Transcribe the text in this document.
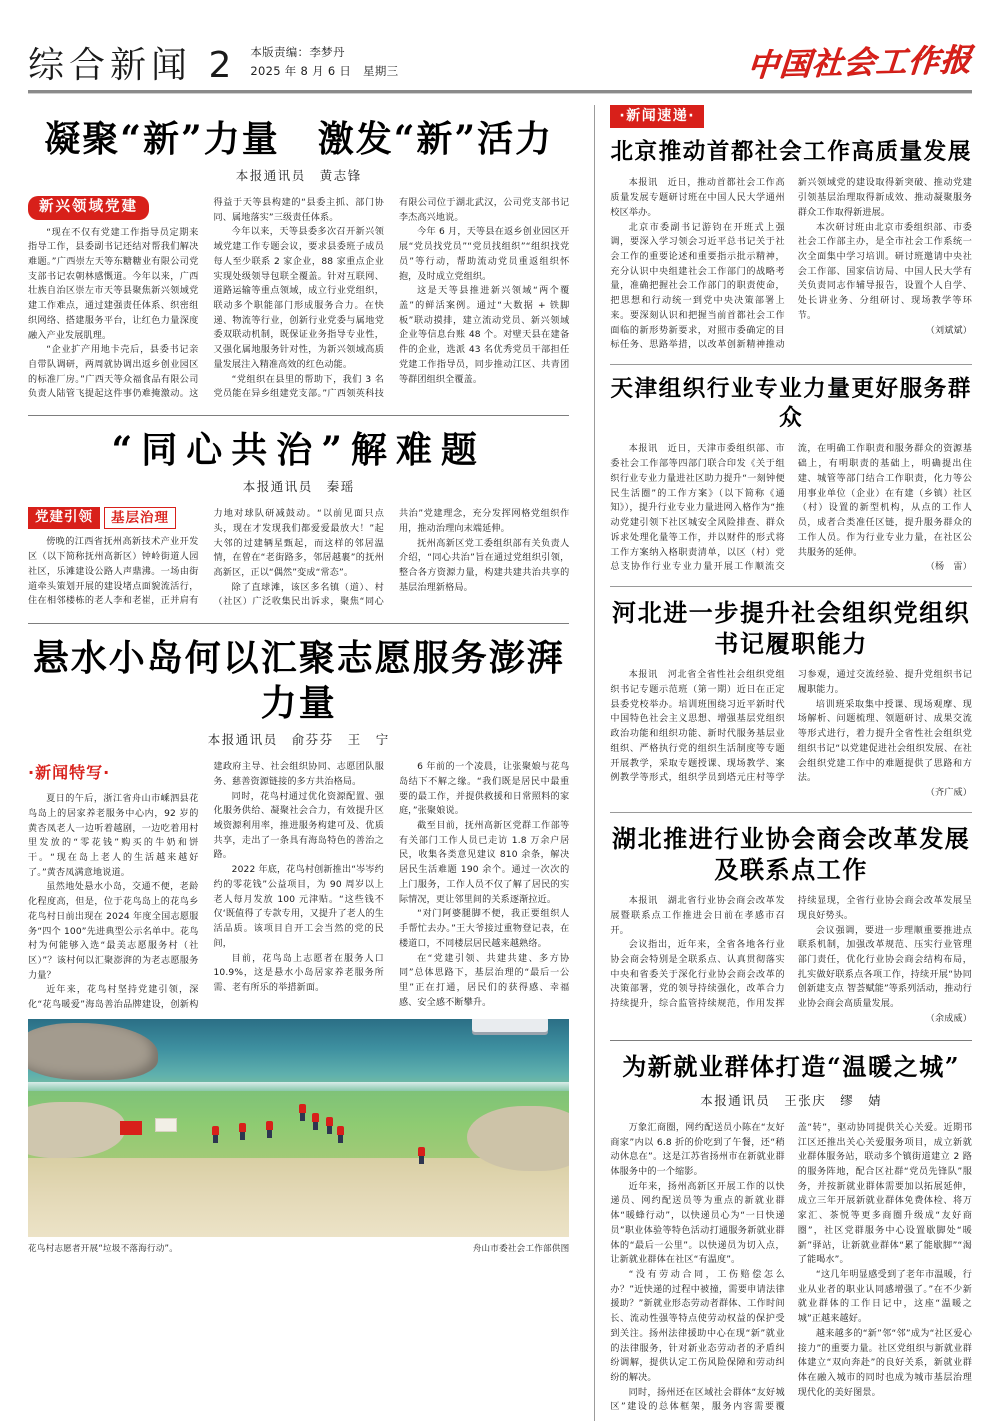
综合新闻 2 本版责编：李梦丹
2025 年 8 月 6 日　星期三	中国社会工作报
凝聚“新”力量　激发“新”活力
本报通讯员　黄志锋
新兴领域党建

“现在不仅有党建工作指导员定期来指导工作，县委副书记还结对帮我们解决难题。”广西崇左天等东糖糖业有限公司党支部书记农朝林感慨道。今年以来，广西壮族自治区崇左市天等县聚焦新兴领域党建工作难点，通过建强责任体系、织密组织网络、搭建服务平台，让红色力量深度融入产业发展肌理。

“企业扩产用地卡壳后，县委书记亲自带队调研，两周就协调出返乡创业园区的标准厂房。”广西天等众福食品有限公司负责人陆管飞提起这件事仍难掩激动。这得益于天等县构建的“县委主抓、部门协同、属地落实”三级责任体系。

今年以来，天等县委多次召开新兴领域党建工作专题会议，要求县委班子成员每人至少联系 2 家企业，88 家重点企业实现处级领导包联全覆盖。针对互联网、道路运输等重点领域，成立行业党组织，联动多个职能部门形成服务合力。在快递、物流等行业，创新行业党委与属地党委双联动机制，既保证业务指导专业性，又强化属地服务针对性，为新兴领域高质量发展注入精准高效的红色动能。

“党组织在县里的帮助下，我们 3 名党员能在异乡组建党支部。”广西领英科技有限公司位于湖北武汉，公司党支部书记李杰高兴地说。

今年 6 月，天等县在返乡创业园区开展“党员找党员”“党员找组织”“组织找党员”等行动，帮助流动党员重返组织怀抱，及时成立党组织。

这是天等县推进新兴领域“两个覆盖”的鲜活案例。通过“大数据 + 铁脚板”联动摸排，建立流动党员、新兴领域企业等信息台账 48 个。对壁天县在建备件的企业，选派 43 名优秀党员干部担任党建工作指导员，同步推动江区、共青团等群团组织全覆盖。

“同心共治”解难题
本报通讯员　秦瑶
党建引领	基层治理

傍晚的江西省抚州高新技术产业开发区（以下简称抚州高新区）钟岭街道人园社区，乐滩建设公路人声鼎沸。一场由街道牵头策划开展的建设堵点面貌流活行，住在相邻楼栋的老人李和老崔，正并肩有力地对球队研减鼓动。“以前见面只点头，现在才发现我们都爱爱最放大！”起大邻的过建辆星甄起，而这样的邻居温情，在曾在“老街路多，邻居越裹”的抚州高新区，正以“偶然”变成“常态”。

除了直球滩，该区多名镇（道）、村（社区）广泛收集民出诉求，聚焦“同心共治”党建理念，充分发挥网格党组织作用，推动治理向末端延伸。

抚州高新区党工委组织部有关负责人介绍，“同心共治”旨在通过党组织引领，整合各方资源力量，构建共建共治共享的基层治理新格局。

悬水小岛何以汇聚志愿服务澎湃力量
本报通讯员　俞芬芬　王　宁
·新闻特写·

夏日的午后，浙江省舟山市嵊泗县花鸟岛上的居家养老服务中心内，92 岁的黄杏凤老人一边听着越剧，一边吃着用村里发放的“零花钱”购买的牛奶和饼干。“现在岛上老人的生活越来越好了。”黄杏凤满意地说道。

虽然地处悬水小岛，交通不便，老龄化程度高，但是，位于花鸟岛上的花鸟乡花鸟村日前出现在 2024 年度全国志愿服务“四个 100”先进典型公示名单中。花鸟村为何能够入选“最美志愿服务村（社区）”？该村何以汇聚澎湃的为老志愿服务力量？

近年来，花鸟村坚持党建引领，深化“花鸟暖爱”海岛善治品牌建设，创新构建政府主导、社会组织协同、志愿团队服务、慈善资源链接的多方共治格局。

同时，花鸟村通过优化资源配置、强化服务供给、凝聚社会合力，有效提升区域资源利用率，推进服务构建可及、优质共享，走出了一条具有海岛特色的善治之路。

2022 年底，花鸟村创新推出“岑岑约约的零花钱”公益项目，为 90 周岁以上老人每月发放 100 元津贴。“这些钱不仅‘既值得了专款专用，又提升了老人的生活品质。该项目自开工会当然的党的民间，

目前，花鸟岛上志愿者在服务人口 10.9%，这是悬水小岛居家养老服务所需、老有所乐的举措新面。

6 年前的一个凌晨，让张聚娘与花鸟岛结下不解之缘。“我们既是居民中最重要的最工作，并提供救援和日常照料的家庭，”张聚娘说。

截至目前，抚州高新区党群工作部等有关部门工作人员已走访 1.8 万余户居民，收集各类意见建议 810 余条，解决居民生活难题 190 余个。通过一次次的上门服务，工作人员不仅了解了居民的实际情况，更让邻里间的关系逐渐拉近。

“对门阿婆腿脚不便，我正要组织人手帮忙去办。”王大爷接过重物登记表，在楼道口，不同楼层居民越来越熟络。

在“党建引领、共建共建、多方协同”总体思路下，基层治理的“最后一公里”正在打通，居民们的获得感、幸福感、安全感不断攀升。

花鸟村志愿者开展“垃圾不落海行动”。	舟山市委社会工作部供图
·新闻速递·
北京推动首都社会工作高质量发展

本报讯　近日，推动首都社会工作高质量发展专题研讨班在中国人民大学通州校区举办。

北京市委副书记游钧在开班式上强调，要深入学习领会习近平总书记关于社会工作的重要论述和重要指示批示精神，充分认识中央组建社会工作部门的战略考量，准确把握社会工作部门的职责使命，把思想和行动统一到党中央决策部署上来。要深刻认识和把握当前首都社会工作面临的新形势新要求，对照市委确定的目标任务、思路举措，以改革创新精神推动新兴领域党的建设取得新突破、推动党建引领基层治理取得新成效、推动凝聚服务群众工作取得新进展。

本次研讨班由北京市委组织部、市委社会工作部主办，是全市社会工作系统一次全面集中学习培训。研讨班邀请中央社会工作部、国家信访局、中国人民大学有关负责同志作辅导报告，设置个人自学、处长讲业务、分组研讨、现场教学等环节。

（刘斌斌）

天津组织行业专业力量更好服务群众

本报讯　近日，天津市委组织部、市委社会工作部等四部门联合印发《关于组织行业专业力量进社区助力提升“一刻钟便民生活圈”的工作方案》（以下简称《通知》），提升行业专业力量进网入格作为“推动党建引领下社区城安全风险排查、群众诉求处理化量等工作，并以财件的形式将工作方案纳入格职责清单，以区（村）党总支协作行业专业力量开展工作顺流交流，在明确工作职责和服务群众的资源基础上，有明职责的基础上，明确提出住建、城管等部门结合工作职责，化力等公用事业单位（企业）在有建（乡镇）社区（村）设置的新型机构，从点的工作人员，成者合类准任区链，提升服务群众的工作人员。作为行业专业力量，在社区公共服务的延伸。

（杨　雷）

河北进一步提升社会组织党组织书记履职能力

本报讯　河北省全省性社会组织党组织书记专题示范班（第一期）近日在正定县委党校举办。培训班围绕习近平新时代中国特色社会主义思想、增强基层党组织政治功能和组织功能、新时代服务基层业组织、严格执行党的组织生活制度等专题开展教学，采取专题授课、现场教学、案例教学等形式，组织学员到塔元庄村等学习参观，通过交流经验、提升党组织书记履职能力。

培训班采取集中授课、现场观摩、现场解析、问题梳理、领题研讨、成果交流等形式进行，着力提升全省性社会组织党组织书记“以党建促进社会组织发展、在社会组织党建工作中的难题提供了思路和方法。

（齐广威）

湖北推进行业协会商会改革发展及联系点工作

本报讯　湖北省行业协会商会改革发展暨联系点工作推进会日前在孝感市召开。

会议指出，近年来，全省各地各行业协会商会特别是全联系点、认真贯彻落实中央和省委关于深化行业协会商会改革的决策部署，党的领导持续强化，改革合力持续提升，综合监管持续规范，作用发挥持续显现，全省行业协会商会改革发展呈现良好势头。

会议强调，要进一步理顺重要推进点联系机制，加强改革规范、压实行业管理部门责任，优化行业协会商会结构布局，扎实做好联系点各项工作，持续开展“协同创新建支点 智荟赋能”等系列活动，推动行业协会商会高质量发展。

（余成威）

为新就业群体打造“温暖之城”
本报通讯员　王张庆　缪　婧

万象汇商圈，网约配送员小陈在“友好商家”内以 6.8 折的价吃到了午餐，还“稍动休息在”。这是江苏省扬州市在新就业群体服务中的一个缩影。

近年来，扬州高新区开展工作的以快递员、网约配送员等为重点的新就业群体“暖蜂行动”，以快递员心为“一日快递员”职业体验等特色活动打通服务新就业群体的“最后一公里”。以快递员为切入点，让新就业群体在社区“有温度”。

“没有劳动合同，工伤赔偿怎么办？”近快递的过程中被撞，需要申请法律援助？”新就业形态劳动者群体、工作时间长、流动性强等特点使劳动权益的保护受到关注。扬州法律援助中心在现“新”就业的法律服务，针对新业态劳动者的矛盾纠纷调解，提供认定工伤风险保障和劳动纠纷的解决。

同时，扬州还在区域社会群体“友好城区”建设的总体框架，服务内容需要覆盖“转”，驱动协同提供关心关爱。近期邗江区还推出关心关爱服务项目，成立新就业群体服务站，联动多个镇街道建立 2 路的服务阵地，配合区社群“党员先锋队”服务，并按新就业群体需要加以拓展延伸，成立三年开展新就业群体免费体检、将万家汇、茶悦等更多商圈升级成“友好商圈”，社区党群服务中心设置歇脚处“暖新”驿站，让新就业群体“累了能歇脚”“渴了能喝水”。

“这几年明显感受到了老年市温暖，行业从业者的职业认同感增强了。”在不少新就业群体的工作日记中，这座“温暖之城”正越来越好。

越来越多的“新”邻“邻”成为“社区爱心接力”的重要力量。社区党组织与新就业群体建立“双向奔赴”的良好关系，新就业群体在融入城市的同时也成为城市基层治理现代化的美好图景。
